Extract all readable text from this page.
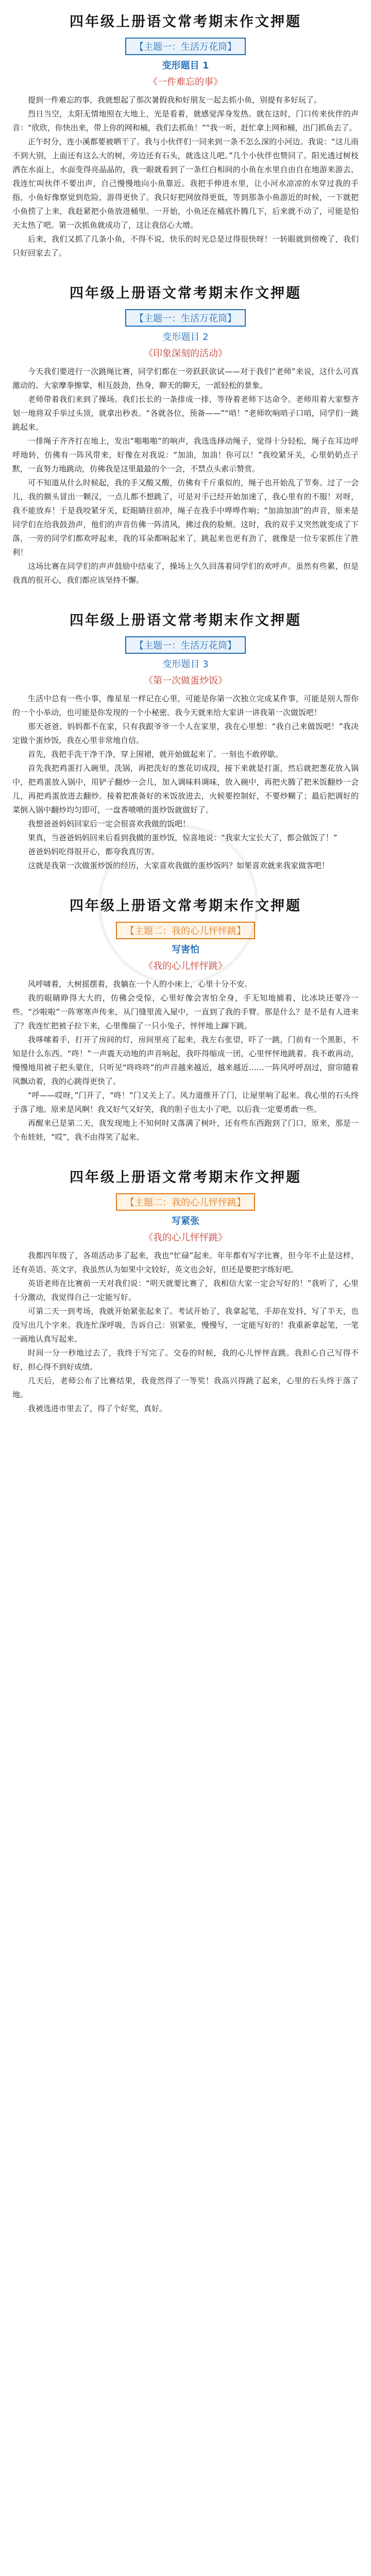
四年级上册语文常考期末作文押题
【主题一：生活万花筒】
变形题目 1
《一件难忘的事》

提到一件难忘的事，我就想起了那次暑假我和好朋友一起去抓小鱼，别提有多好玩了。

烈日当空，太阳无情地照在大地上，光是看着，就感觉浑身发热。就在这时，门口传来伙伴的声音：“欣欣，你快出来，带上你的网和桶，我们去抓鱼！”“我一听，赶忙拿上网和桶，出门抓鱼去了。

正午时分，连小溪都要被晒干了。我与小伙伴们一同来到一条不怎么深的小河边。我说：“这儿雨不到大别，上面还有这么大的树，旁边还有石头，就选这儿吧。”几个小伙伴也赞同了。阳光透过树枝洒在水面上，水面变得亮晶晶的，我一眼就看到了一条红白相间的小鱼在水里自由自在地游来游去，我连忙叫伙伴不要出声，自己慢慢地向小鱼靠近。我把手伸进水里，让小河水凉凉的水穿过我的手指，小鱼好像察觉到危险，游得更快了。我只好把网放得更低，等到那条小鱼游近的时候，一下就把小鱼捞了上来，我赶紧把小鱼放进桶里。一开始，小鱼还在桶底扑腾几下，后来就不动了，可能是怕天太热了吧。第一次抓鱼就成功了，这让我信心大增。

后来，我们又抓了几条小鱼，不得不说，快乐的时光总是过得很快呀！一转眼就到傍晚了，我们只好回家去了。

四年级上册语文常考期末作文押题
【主题一：生活万花筒】
变形题目 2
《印象深刻的活动》

今天我们要进行一次跳绳比赛，同学们都在一旁跃跃欲试——对于我们“老师”来说，这什么可真激动的。大家摩拳擦掌，相互鼓劲，热身，聊天的聊天，一派轻松的景象。

老师带着我们来到了操场。我们长长的一条排成一排，等待着老师下达命令。老师用着大家整齐划一地将双手举过头顶，就拿出秒表。“各就各位，预备——”“哨！”老师吹响哨子口哨，同学们一跳跳起来。

一排绳子齐齐打在地上，发出“啪啪啪”的响声，我选选择动绳子，觉得十分轻松，绳子在耳边呼呼地转，仿佛有一阵风带来，好像在对我说：“加油，加油！你可以！”我咬紧牙关，心里奶奶点子默，一直努力地跳动，仿佛我是这里最最的个一会，不禁点头索示赞赏。

可不知道从什么时候起，我的手又酸又酸，仿佛有千斤重似的，绳子也开始乱了节奏。过了一会儿，我的额头冒出一颗汉，一点儿都不想跳了，可是对手已经开始加速了，我心里有的不服！对呀，我不能放弃！于是我咬紧牙关，眨眼睛往前冲，绳子在我手中哗哗作响；“加油加油”的声音，原来是同学们在给我鼓劲声，他们的声音仿佛一阵清风，拂过我的脸颊。这时，我的双手又突然就变成了下落，一旁的同学们都欢呼起来，我的耳朵都响起来了，跳起来也更有劲了，就像是一位专家抓住了胜利！

这场比赛在同学们的声声鼓励中结束了，操场上久久回荡着同学们的欢呼声。虽然有些累，但是我真的很开心，我们都应该坚持不懈。

四年级上册语文常考期末作文押题
【主题一：生活万花筒】
变形题目 3
《第一次做蛋炒饭》

生活中总有一些小事，像星星一样记在心里，可能是你第一次独立完成某件事，可能是别人帮你的一个小举动，也可能是你发现的一个小秘密。我今天就来给大家讲一讲我第一次做饭吧！

那天爸爸、妈妈都不在家，只有我跟爷爷一个人在家里，我在心里想：“我自己来做饭吧！”我决定做个蛋炒饭，我在心里非常地自信。

首先，我把手洗干净干净，穿上围裙，就开始做起来了。一刻也不敢停歇。

首先我把鸡蛋打入碗里，洗锅，再把洗好的葱花切成段，接下来就是打蛋，然后就把葱花放入锅中，把鸡蛋放入锅中，用铲子翻炒一会儿，加入调味料调味，放入碗中，再把火腾了把米饭翻炒一会儿，再把鸡蛋放进去翻炒。接着把准备好的米饭放进去，火候要控制好，不要炒糊了；最后把调好的菜倒入锅中翻炒均匀即可，一盘香喷喷的蛋炒饭就做好了。

我想爸爸妈妈回家后一定会很喜欢我做的饭吧！

果真，当爸爸妈妈回来后看到我做的蛋炒饭，惊喜地说：“我家大宝长大了，都会做饭了！”

爸爸妈妈吃得很开心，都夸我真厉害。

这就是我第一次做蛋炒饭的经历，大家喜欢我做的蛋炒饭吗？如果喜欢就来我家做客吧！

四年级上册语文常考期末作文押题
【主题二：我的心儿怦怦跳】
写害怕
《我的心儿怦怦跳》

风呼啸着，大树摇摆着，我躺在一个人的小床上，心里十分不安。

我的眼睛睁得大大的，仿佛会受惊，心里好像会害怕全身，手无知地捕着，比冰块还要冷一些。“沙啦啦”一阵寒寒声传来，从门缝里流入屋中，一直到了我的手臂。那是什么？是不是有人进来了？我连忙把被子拉下来，心里像揣了一只小兔子，怦怦地上蹿下跳。

我哆嗦着手，打开了房间的灯，房间里亮了起来，我左右张望，吓了一跳，门前有一个黑影，不知是什么东西。“咚！”一声震天动地的声音响起，我吓得缩成一团，心里怦怦地跳着。我不敢再动，慢慢地用被子把头蒙住，只听见“咚咚咚”的声音越来越近，越来越近……一阵风呼呼刮过，窗帘随着风飘动着，我的心跳得更快了。

“呼——哎呀，”门开了，“咚！”门又关上了。风力道推开了门，让屋里响了起来。我心里的石头终于落了地。原来是风啊！我又好气又好笑，我的胆子也太小了吧，以后我一定要勇敢一些。

再醒来已是第二天，我发现地上不知何时又落满了树叶，还有些东西跑到了门口，原来，那是一个布娃娃，“哎”，我不由得笑了起来。

四年级上册语文常考期末作文押题
【主题二：我的心儿怦怦跳】
写紧张
《我的心儿怦怦跳》

我都四年级了，各项活动多了起来，我也“忙碌”起来。年年都有写字比赛，但今年不止是这样，还有英语、英文字，我虽然认为如果中文较好，英文也会好，但还是要把字练好吧。

英语老师在比赛前一天对我们说：“明天就要比赛了，我相信大家一定会写好的！”我听了，心里十分激动，我觉得自己一定能写好。

可第二天一到考场，我就开始紧张起来了。考试开始了，我拿起笔，手却在发抖，写了半天，也没写出几个字来。我连忙深呼吸，告诉自己：别紧张，慢慢写，一定能写好的！我重新拿起笔，一笔一画地认真写起来。

时间一分一秒地过去了，我终于写完了。交卷的时候，我的心儿怦怦直跳。我担心自己写得不好，担心得不到好成绩。

几天后，老师公布了比赛结果，我竟然得了一等奖！我高兴得跳了起来，心里的石头终于落了地。

我被选进市里去了，得了个好奖，真好。
